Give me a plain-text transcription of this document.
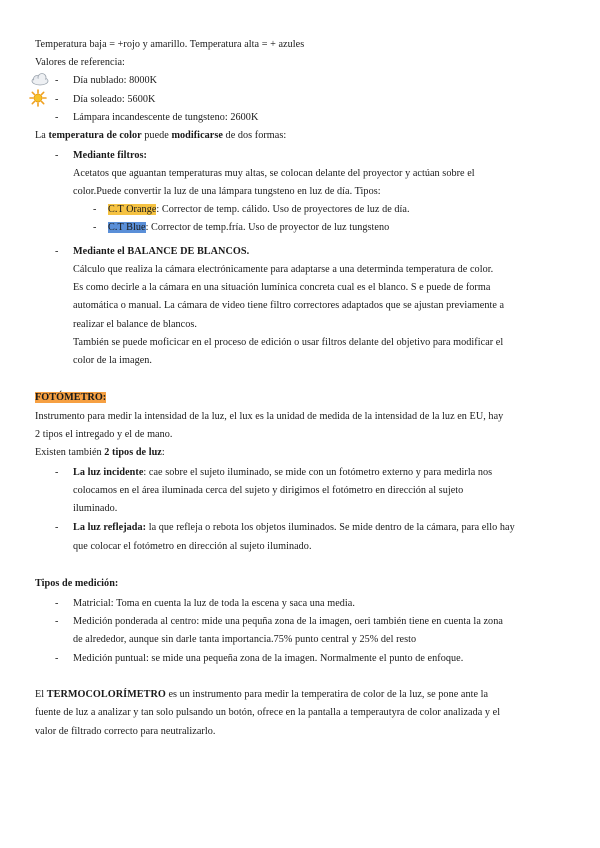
Temperatura baja = +rojo y amarillo. Temperatura alta = + azules
Valores de referencia:
- Día nublado: 8000K
- Día soleado: 5600K
- Lámpara incandescente de tungsteno: 2600K
La temperatura de color puede modificarse de dos formas:
- Mediante filtros:
Acetatos que aguantan temperaturas muy altas, se colocan delante del proyector y actúan sobre el
color.Puede convertir la luz de una lámpara tungsteno en luz de día. Tipos:
- C.T Orange: Corrector de temp. cálido. Uso de proyectores de luz de día.
- C.T Blue: Corrector de temp.fría. Uso de proyector de luz tungsteno
- Mediante el BALANCE DE BLANCOS.
Cálculo que realiza la cámara electrónicamente para adaptarse a una determinda temperatura de color.
Es como decirle a la cámara en una situación lumínica concreta cual es el blanco. S e puede de forma
automática o manual. La cámara de video tiene filtro correctores adaptados que se ajustan previamente a
realizar el balance de blancos.
También se puede moficicar en el proceso de edición o usar filtros delante del objetivo para modificar el
color de la imagen.
FOTÓMETRO:
Instrumento para medir la intensidad de la luz, el lux es la unidad de medida de la intensidad de la luz en EU, hay
2 tipos el intregado y el de mano.
Existen también 2 tipos de luz:
- La luz incidente: cae sobre el sujeto iluminado, se mide con un fotómetro externo y para medirla nos
colocamos en el área iluminada cerca del sujeto y dirigimos el fotómetro en dirección al sujeto
iluminado.
- La luz reflejada: la que refleja o rebota los objetos iluminados. Se mide dentro de la cámara, para ello hay
que colocar el fotómetro en dirección al sujeto iluminado.
Tipos de medición:
- Matricial: Toma en cuenta la luz de toda la escena y saca una media.
- Medición ponderada al centro: mide una pequña zona de la imagen, oeri también tiene en cuenta la zona
de alrededor, aunque sin darle tanta importancia.75% punto central y 25% del resto
- Medición puntual: se mide una pequeña zona de la imagen. Normalmente el punto de enfoque.
El TERMOCOLORÍMETRO es un instrumento para medir la temperatira de color de la luz, se pone ante la
fuente de luz a analizar y tan solo pulsando un botón, ofrece en la pantalla a temperautyra de color analizada y el
valor de filtrado correcto para neutralizarlo.
